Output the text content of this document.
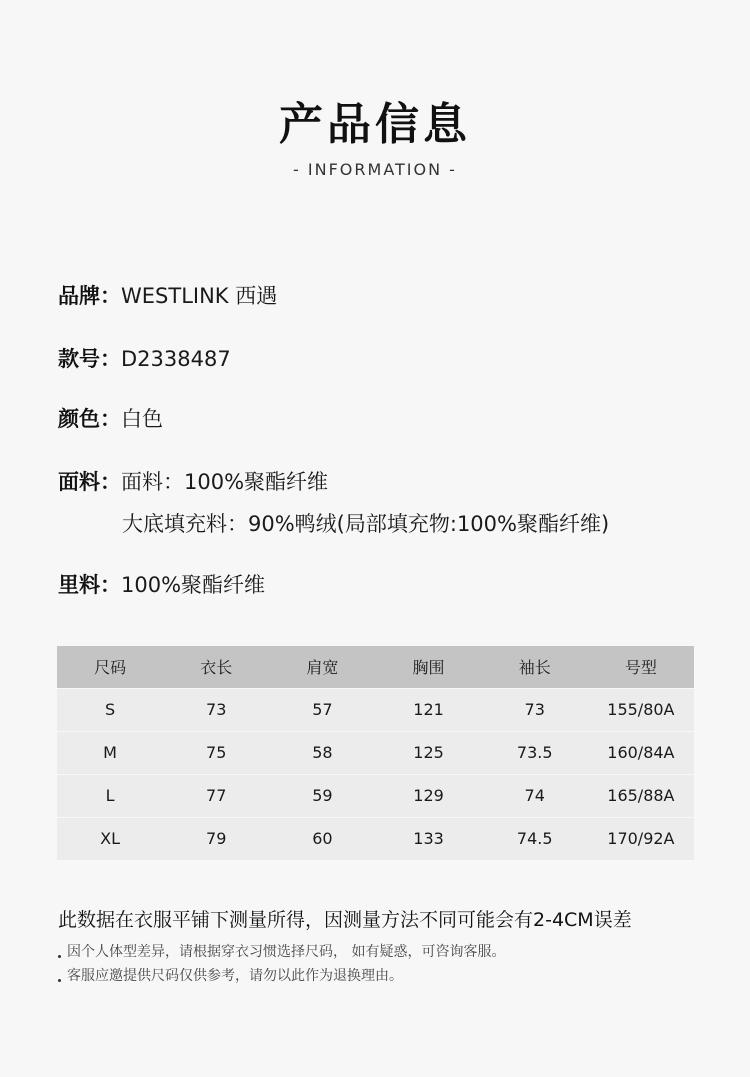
产品信息
- INFORMATION -
品牌：WESTLINK 西遇
款号：D2338487
颜色：白色
面料：面料：100%聚酯纤维
大底填充料：90%鸭绒(局部填充物:100%聚酯纤维)
里料：100%聚酯纤维
尺码	衣长	肩宽	胸围	袖长	号型
S	73	57	121	73	155/80A
M	75	58	125	73.5	160/84A
L	77	59	129	74	165/88A
XL	79	60	133	74.5	170/92A
此数据在衣服平铺下测量所得，因测量方法不同可能会有2-4CM误差
因个人体型差异，请根据穿衣习惯选择尺码， 如有疑惑，可咨询客服。
客服应邀提供尺码仅供参考，请勿以此作为退换理由。
